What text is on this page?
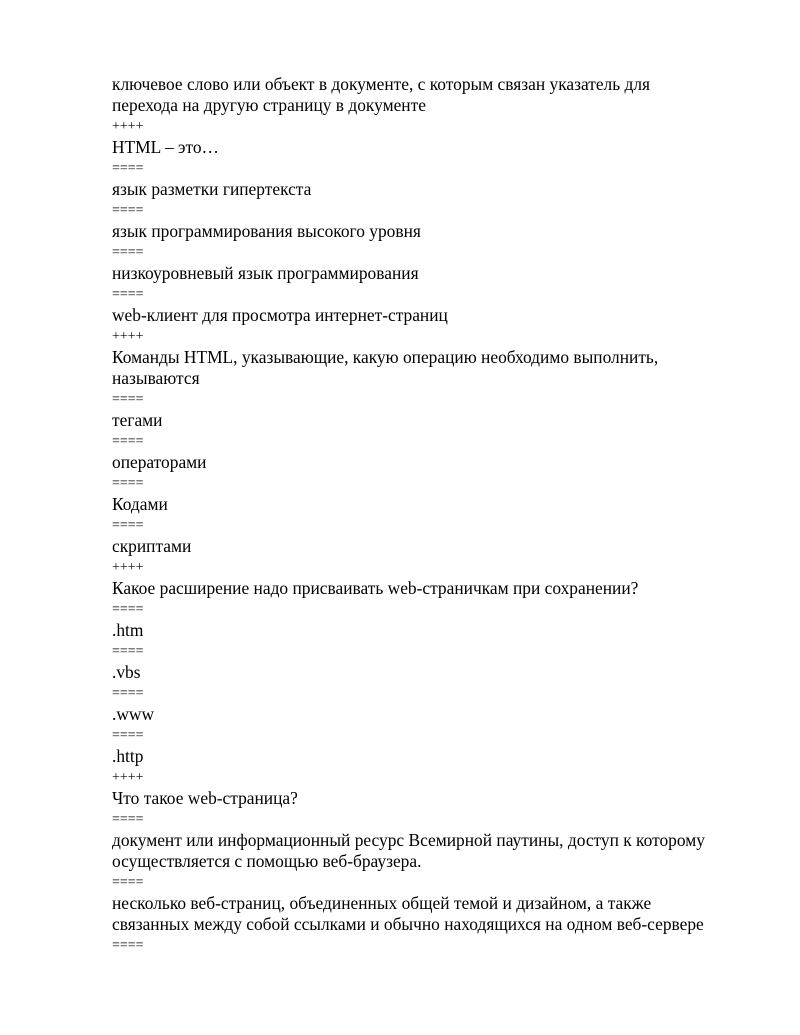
ключевое слово или объект в документе, с которым связан указатель для
перехода на другую страницу в документе
++++
HTML – это…
====
язык разметки гипертекста
====
язык программирования высокого уровня
====
низкоуровневый язык программирования
====
web-клиент для просмотра интернет-страниц
++++
Команды HTML, указывающие, какую операцию необходимо выполнить,
называются
====
тегами
====
операторами
====
Кодами
====
скриптами
++++
Какое расширение надо присваивать web-страничкам при сохранении?
====
.htm
====
.vbs
====
.www
====
.http
++++
Что такое web-страница?
====
документ или информационный ресурс Всемирной паутины, доступ к которому
осуществляется с помощью веб-браузера.
====
несколько веб-страниц, объединенных общей темой и дизайном, а также
связанных между собой ссылками и обычно находящихся на одном веб-сервере
====
